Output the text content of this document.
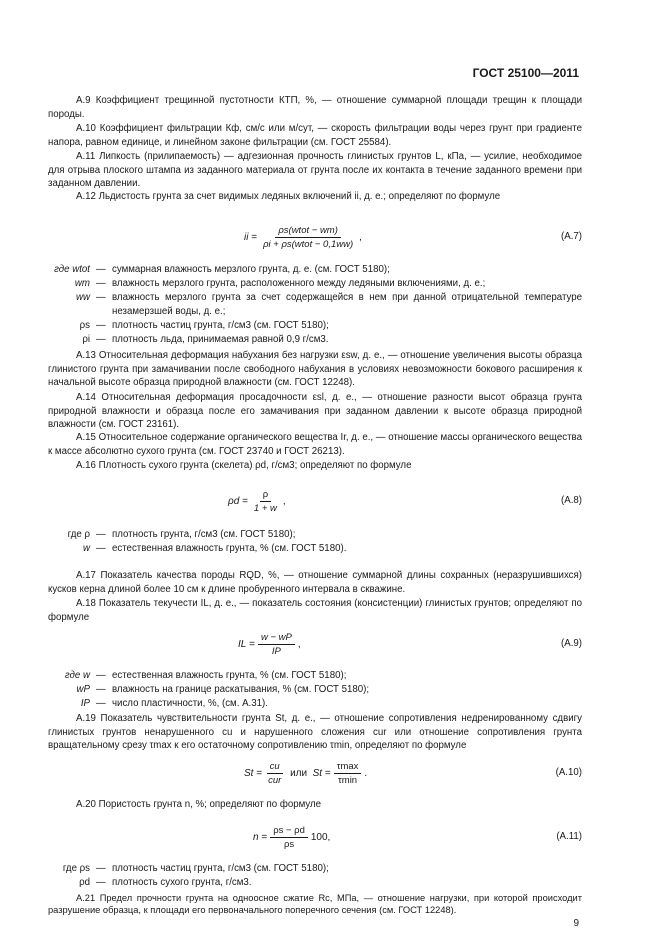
ГОСТ 25100—2011
А.9 Коэффициент трещинной пустотности КТП, %, — отношение суммарной площади трещин к площади породы.
А.10 Коэффициент фильтрации Кф, см/с или м/сут, — скорость фильтрации воды через грунт при градиенте напора, равном единице, и линейном законе фильтрации (см. ГОСТ 25584).
А.11 Липкость (прилипаемость) — адгезионная прочность глинистых грунтов L, кПа, — усилие, необходимое для отрыва плоского штампа из заданного материала от грунта после их контакта в течение заданного времени при заданном давлении.
А.12 Льдистость грунта за счет видимых ледяных включений ii, д. е.; определяют по формуле
ii = $\frac{\text{ρs(wtot − wm)}}{\text{ρi + ρs(wtot − 0,1ww)}}$ ,	(А.7)
где wtot — суммарная влажность мерзлого грунта, д. е. (см. ГОСТ 5180);
wm — влажность мерзлого грунта, расположенного между ледяными включениями, д. е.;
ww — влажность мерзлого грунта за счет содержащейся в нем при данной отрицательной температуре незамерзшей воды, д. е.;
ρs — плотность частиц грунта, г/см3 (см. ГОСТ 5180);
ρi — плотность льда, принимаемая равной 0,9 г/см3.
А.13 Относительная деформация набухания без нагрузки εsw, д. е., — отношение увеличения высоты образца глинистого грунта при замачивании после свободного набухания в условиях невозможности бокового расширения к начальной высоте образца природной влажности (см. ГОСТ 12248).
А.14 Относительная деформация просадочности εsl, д. е., — отношение разности высот образца грунта природной влажности и образца после его замачивания при заданном давлении к высоте образца природной влажности (см. ГОСТ 23161).
А.15 Относительное содержание органического вещества Ir, д. е., — отношение массы органического вещества к массе абсолютно сухого грунта (см. ГОСТ 23740 и ГОСТ 26213).
А.16 Плотность сухого грунта (скелета) ρd, г/см3; определяют по формуле
$\rho d = \frac{\rho}{1 + w}$ ,	(А.8)
где ρ — плотность грунта, г/см3 (см. ГОСТ 5180);
w — естественная влажность грунта, % (см. ГОСТ 5180).
А.17 Показатель качества породы RQD, %, — отношение суммарной длины сохранных (неразрушившихся) кусков керна длиной более 10 см к длине пробуренного интервала в скважине.
А.18 Показатель текучести IL, д. е., — показатель состояния (консистенции) глинистых грунтов; определяют по формуле
IL = $\frac{w - wP}{IP}$ ,	(А.9)
где w — естественная влажность грунта, % (см. ГОСТ 5180);
wP — влажность на границе раскатывания, % (см. ГОСТ 5180);
IP — число пластичности, %, (см. А.31).
А.19 Показатель чувствительности грунта St, д. е., — отношение сопротивления недренированному сдвигу глинистых грунтов ненарушенного cu и нарушенного сложения cur или отношение сопротивления грунта вращательному срезу τmax к его остаточному сопротивлению τmin, определяют по формуле
$St = \frac{cu}{\text{cur}}$
или
$St = \frac{\tau\max}{\tau\min}$ .	(А.10)
А.20 Пористость грунта n, %; определяют по формуле
$n = \frac{\rho s - \rho d}{\rho s} 100$,	(А.11)
где ρs — плотность частиц грунта, г/см3 (см. ГОСТ 5180);
ρd — плотность сухого грунта, г/см3.
А.21 Предел прочности грунта на одноосное сжатие Rc, МПа, — отношение нагрузки, при которой происходит разрушение образца, к площади его первоначального поперечного сечения (см. ГОСТ 12248).
9
